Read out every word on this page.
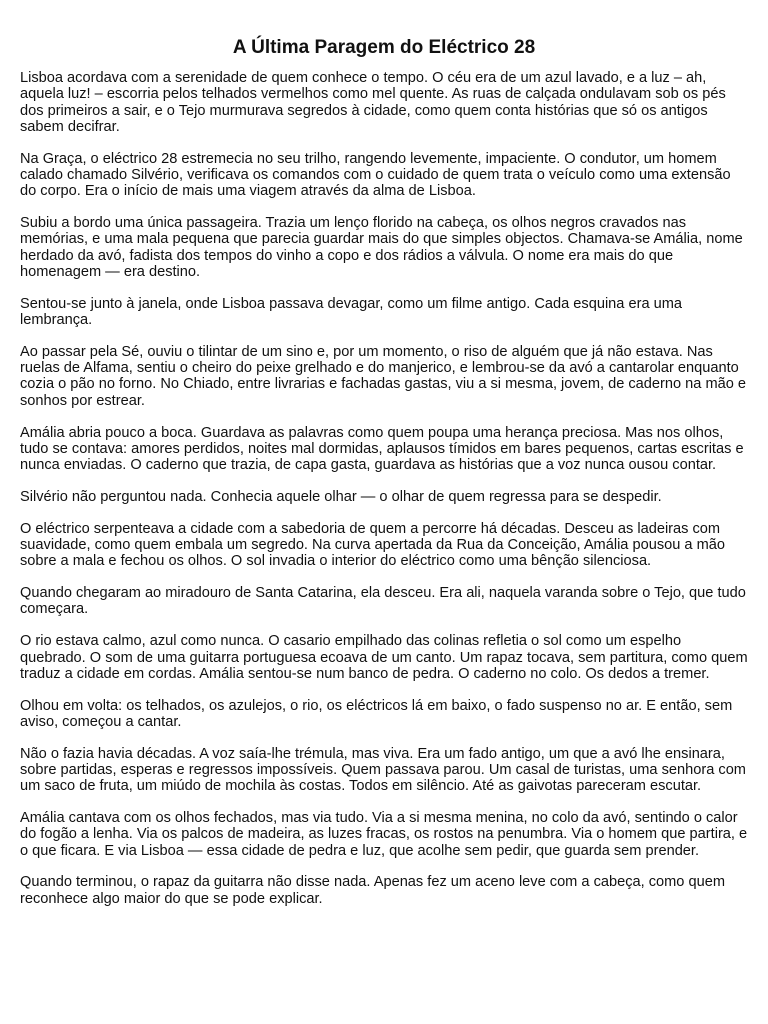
A Última Paragem do Eléctrico 28

Lisboa acordava com a serenidade de quem conhece o tempo. O céu era de um azul lavado, e a luz – ah, aquela luz! – escorria pelos telhados vermelhos como mel quente. As ruas de calçada ondulavam sob os pés dos primeiros a sair, e o Tejo murmurava segredos à cidade, como quem conta histórias que só os antigos sabem decifrar.

Na Graça, o eléctrico 28 estremecia no seu trilho, rangendo levemente, impaciente. O condutor, um homem calado chamado Silvério, verificava os comandos com o cuidado de quem trata o veículo como uma extensão do corpo. Era o início de mais uma viagem através da alma de Lisboa.

Subiu a bordo uma única passageira. Trazia um lenço florido na cabeça, os olhos negros cravados nas memórias, e uma mala pequena que parecia guardar mais do que simples objectos. Chamava-se Amália, nome herdado da avó, fadista dos tempos do vinho a copo e dos rádios a válvula. O nome era mais do que homenagem — era destino.

Sentou-se junto à janela, onde Lisboa passava devagar, como um filme antigo. Cada esquina era uma lembrança.

Ao passar pela Sé, ouviu o tilintar de um sino e, por um momento, o riso de alguém que já não estava. Nas ruelas de Alfama, sentiu o cheiro do peixe grelhado e do manjerico, e lembrou-se da avó a cantarolar enquanto cozia o pão no forno. No Chiado, entre livrarias e fachadas gastas, viu a si mesma, jovem, de caderno na mão e sonhos por estrear.

Amália abria pouco a boca. Guardava as palavras como quem poupa uma herança preciosa. Mas nos olhos, tudo se contava: amores perdidos, noites mal dormidas, aplausos tímidos em bares pequenos, cartas escritas e nunca enviadas. O caderno que trazia, de capa gasta, guardava as histórias que a voz nunca ousou contar.

Silvério não perguntou nada. Conhecia aquele olhar — o olhar de quem regressa para se despedir.

O eléctrico serpenteava a cidade com a sabedoria de quem a percorre há décadas. Desceu as ladeiras com suavidade, como quem embala um segredo. Na curva apertada da Rua da Conceição, Amália pousou a mão sobre a mala e fechou os olhos. O sol invadia o interior do eléctrico como uma bênção silenciosa.

Quando chegaram ao miradouro de Santa Catarina, ela desceu. Era ali, naquela varanda sobre o Tejo, que tudo começara.

O rio estava calmo, azul como nunca. O casario empilhado das colinas refletia o sol como um espelho quebrado. O som de uma guitarra portuguesa ecoava de um canto. Um rapaz tocava, sem partitura, como quem traduz a cidade em cordas. Amália sentou-se num banco de pedra. O caderno no colo. Os dedos a tremer.

Olhou em volta: os telhados, os azulejos, o rio, os eléctricos lá em baixo, o fado suspenso no ar. E então, sem aviso, começou a cantar.

Não o fazia havia décadas. A voz saía-lhe trémula, mas viva. Era um fado antigo, um que a avó lhe ensinara, sobre partidas, esperas e regressos impossíveis. Quem passava parou. Um casal de turistas, uma senhora com um saco de fruta, um miúdo de mochila às costas. Todos em silêncio. Até as gaivotas pareceram escutar.

Amália cantava com os olhos fechados, mas via tudo. Via a si mesma menina, no colo da avó, sentindo o calor do fogão a lenha. Via os palcos de madeira, as luzes fracas, os rostos na penumbra. Via o homem que partira, e o que ficara. E via Lisboa — essa cidade de pedra e luz, que acolhe sem pedir, que guarda sem prender.

Quando terminou, o rapaz da guitarra não disse nada. Apenas fez um aceno leve com a cabeça, como quem reconhece algo maior do que se pode explicar.
